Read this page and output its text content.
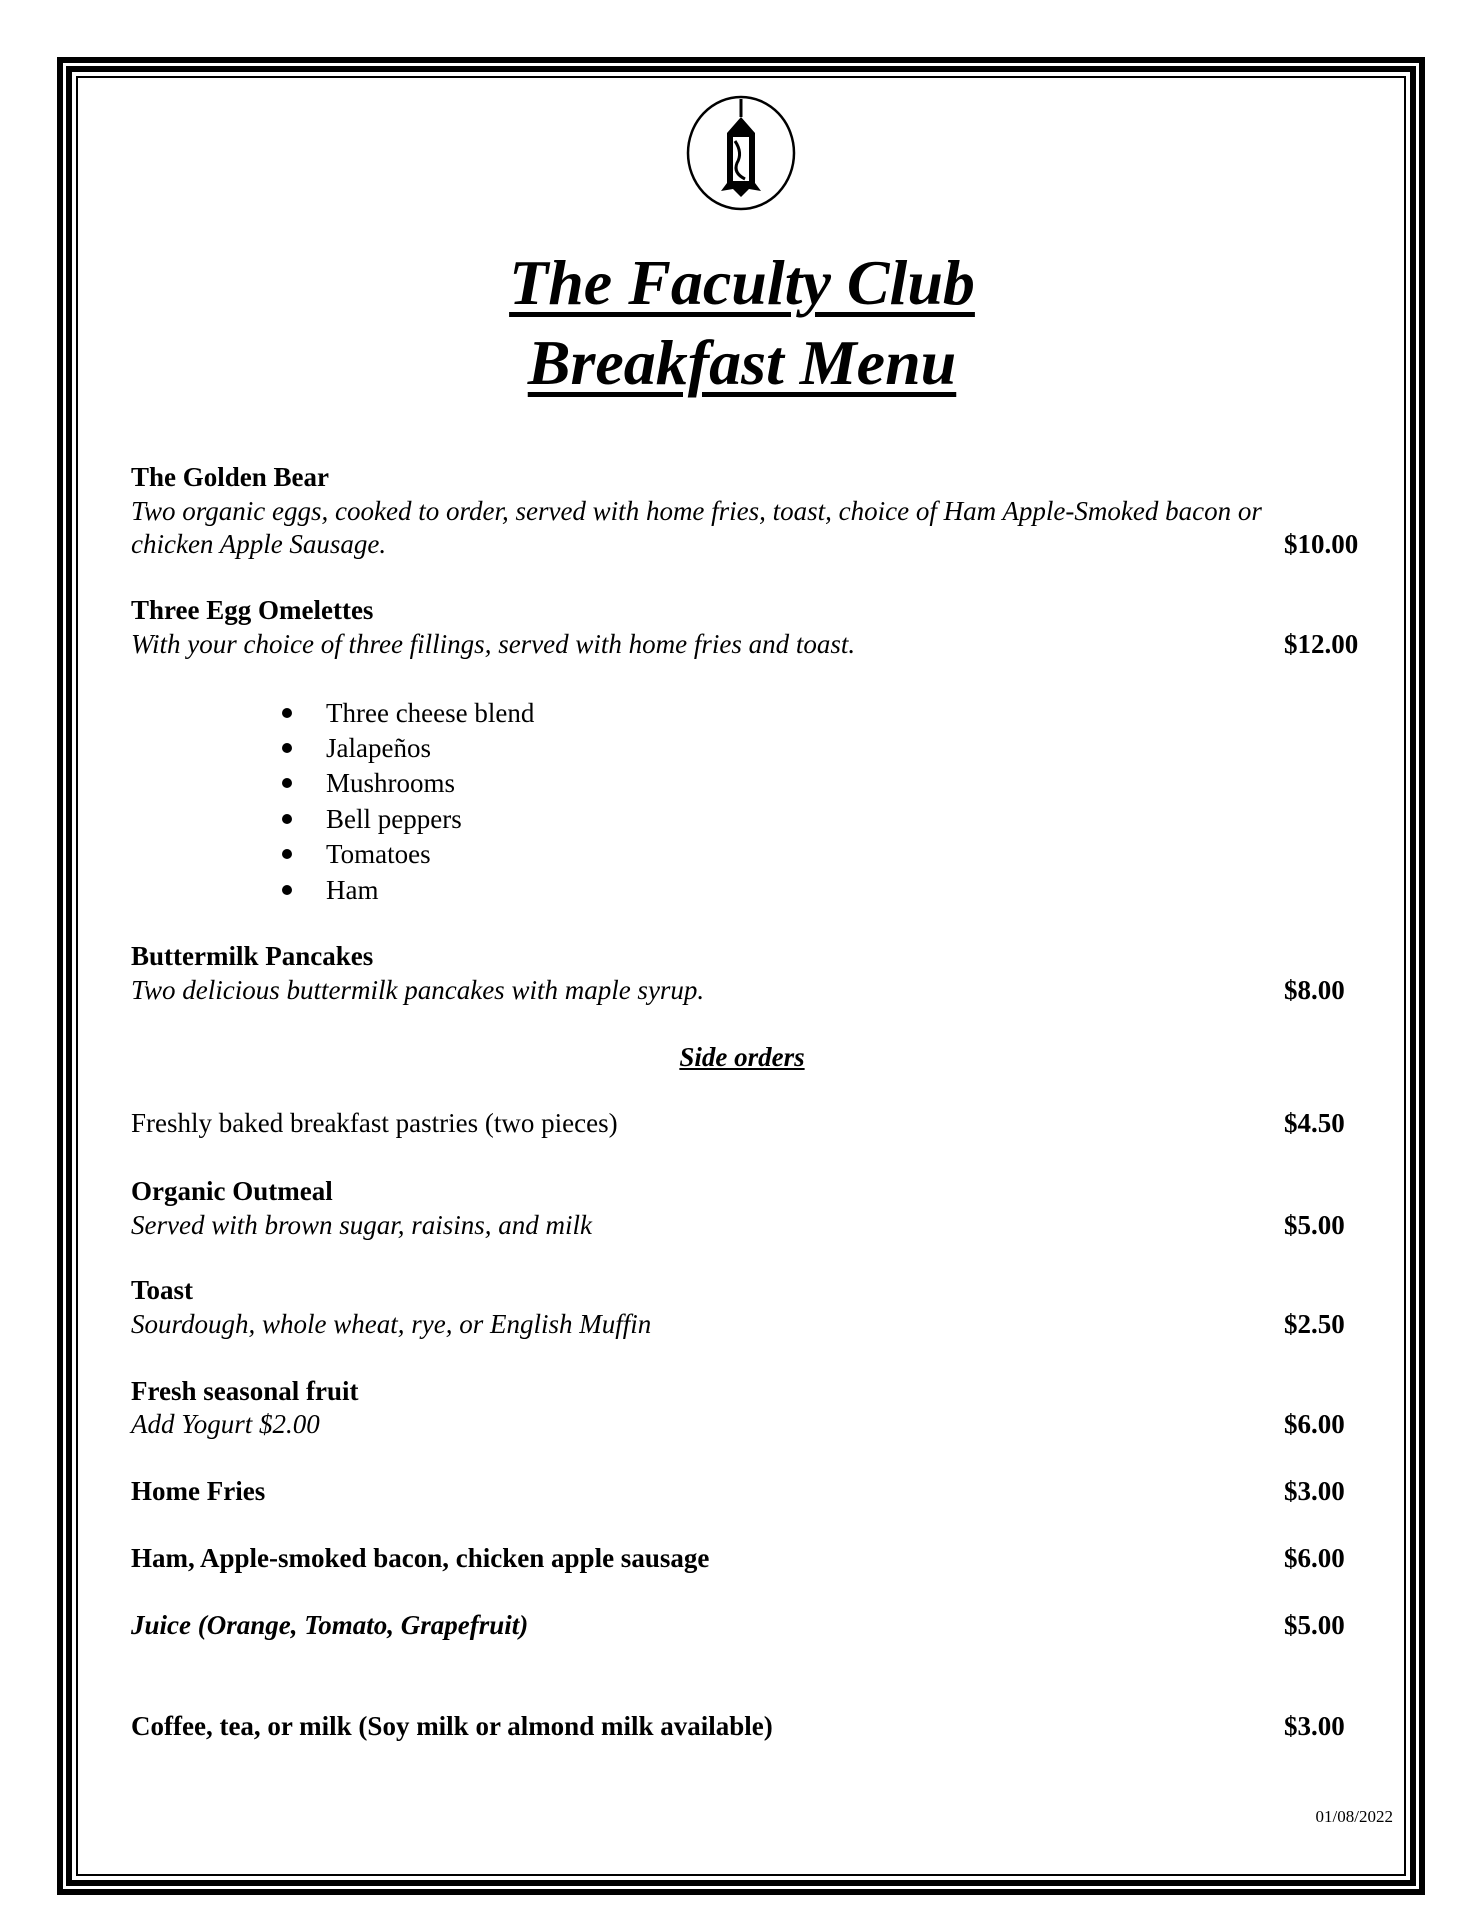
The Faculty Club
Breakfast Menu
The Golden Bear
Two organic eggs, cooked to order, served with home fries, toast, choice of Ham Apple-Smoked bacon or
chicken Apple Sausage.	$10.00
Three Egg Omelettes
With your choice of three fillings, served with home fries and toast.	$12.00
Three cheese blend
Jalapeños
Mushrooms
Bell peppers
Tomatoes
Ham
Buttermilk Pancakes
Two delicious buttermilk pancakes with maple syrup.	$8.00
Side orders
Freshly baked breakfast pastries (two pieces)	$4.50
Organic Outmeal
Served with brown sugar, raisins, and milk	$5.00
Toast
Sourdough, whole wheat, rye, or English Muffin	$2.50
Fresh seasonal fruit
Add Yogurt $2.00	$6.00
Home Fries	$3.00
Ham, Apple-smoked bacon, chicken apple sausage	$6.00
Juice (Orange, Tomato, Grapefruit)	$5.00
Coffee, tea, or milk (Soy milk or almond milk available)	$3.00
01/08/2022
